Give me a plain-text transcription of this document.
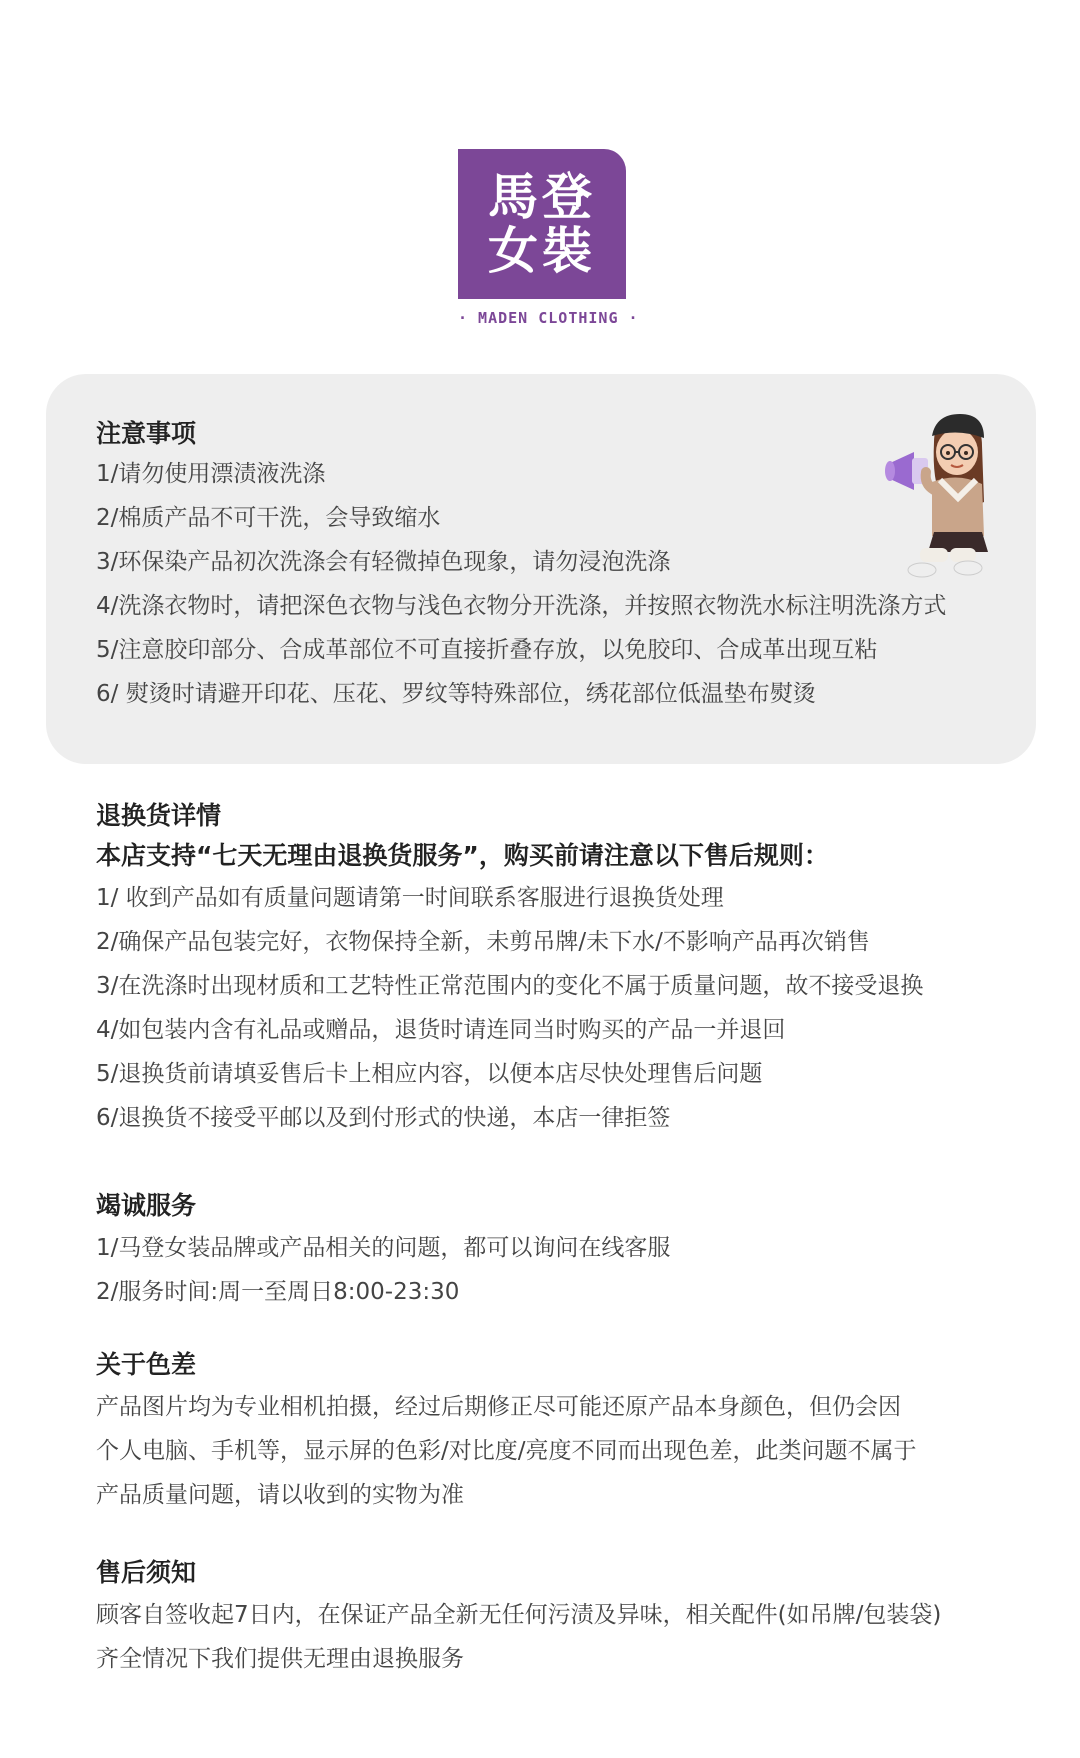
馬登
女裝
· MADEN CLOTHING ·
注意事项
1/请勿使用漂渍液洗涤
2/棉质产品不可干洗，会导致缩水
3/环保染产品初次洗涤会有轻微掉色现象，请勿浸泡洗涤
4/洗涤衣物时，请把深色衣物与浅色衣物分开洗涤，并按照衣物洗水标注明洗涤方式
5/注意胶印部分、合成革部位不可直接折叠存放，以免胶印、合成革出现互粘
6/ 熨烫时请避开印花、压花、罗纹等特殊部位，绣花部位低温垫布熨烫
退换货详情
本店支持“七天无理由退换货服务”，购买前请注意以下售后规则：
1/ 收到产品如有质量问题请第一时间联系客服进行退换货处理
2/确保产品包装完好，衣物保持全新，未剪吊牌/未下水/不影响产品再次销售
3/在洗涤时出现材质和工艺特性正常范围内的变化不属于质量问题，故不接受退换
4/如包装内含有礼品或赠品，退货时请连同当时购买的产品一并退回
5/退换货前请填妥售后卡上相应内容，以便本店尽快处理售后问题
6/退换货不接受平邮以及到付形式的快递，本店一律拒签
竭诚服务
1/马登女装品牌或产品相关的问题，都可以询问在线客服
2/服务时间:周一至周日8:00-23:30
关于色差
产品图片均为专业相机拍摄，经过后期修正尽可能还原产品本身颜色，但仍会因
个人电脑、手机等，显示屏的色彩/对比度/亮度不同而出现色差，此类问题不属于
产品质量问题，请以收到的实物为准
售后须知
顾客自签收起7日内，在保证产品全新无任何污渍及异味，相关配件(如吊牌/包装袋)
齐全情况下我们提供无理由退换服务
